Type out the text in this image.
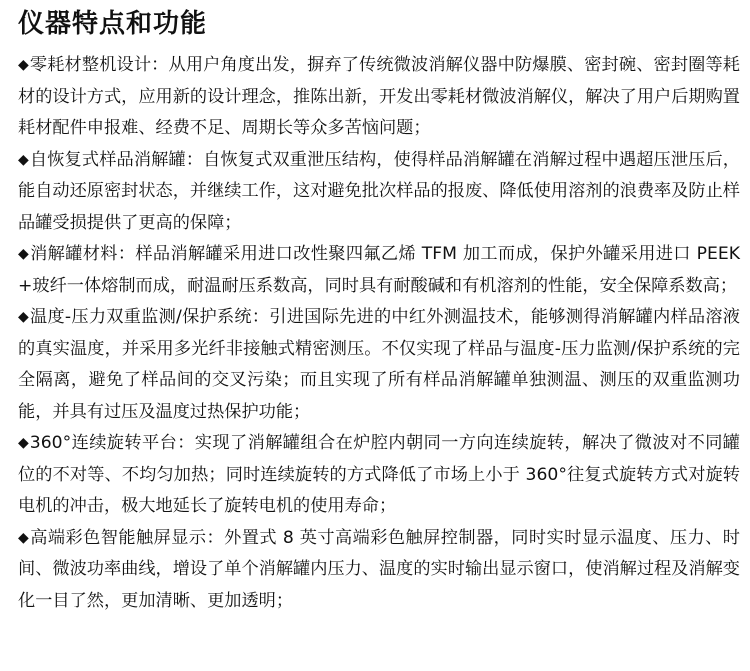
仪器特点和功能

◆零耗材整机设计：从用户角度出发，摒弃了传统微波消解仪器中防爆膜、密封碗、密封圈等耗材的设计方式，应用新的设计理念，推陈出新，开发出零耗材微波消解仪，解决了用户后期购置耗材配件申报难、经费不足、周期长等众多苦恼问题；

◆自恢复式样品消解罐：自恢复式双重泄压结构，使得样品消解罐在消解过程中遇超压泄压后，能自动还原密封状态，并继续工作，这对避免批次样品的报废、降低使用溶剂的浪费率及防止样品罐受损提供了更高的保障；

◆消解罐材料：样品消解罐采用进口改性聚四氟乙烯 TFM 加工而成，保护外罐采用进口 PEEK+玻纤一体熔制而成，耐温耐压系数高，同时具有耐酸碱和有机溶剂的性能，安全保障系数高；

◆温度-压力双重监测/保护系统：引进国际先进的中红外测温技术，能够测得消解罐内样品溶液的真实温度，并采用多光纤非接触式精密测压。不仅实现了样品与温度-压力监测/保护系统的完全隔离，避免了样品间的交叉污染；而且实现了所有样品消解罐单独测温、测压的双重监测功能，并具有过压及温度过热保护功能；

◆360°连续旋转平台：实现了消解罐组合在炉腔内朝同一方向连续旋转，解决了微波对不同罐位的不对等、不均匀加热；同时连续旋转的方式降低了市场上小于 360°往复式旋转方式对旋转电机的冲击，极大地延长了旋转电机的使用寿命；

◆高端彩色智能触屏显示：外置式 8 英寸高端彩色触屏控制器，同时实时显示温度、压力、时间、微波功率曲线，增设了单个消解罐内压力、温度的实时输出显示窗口，使消解过程及消解变化一目了然，更加清晰、更加透明；
